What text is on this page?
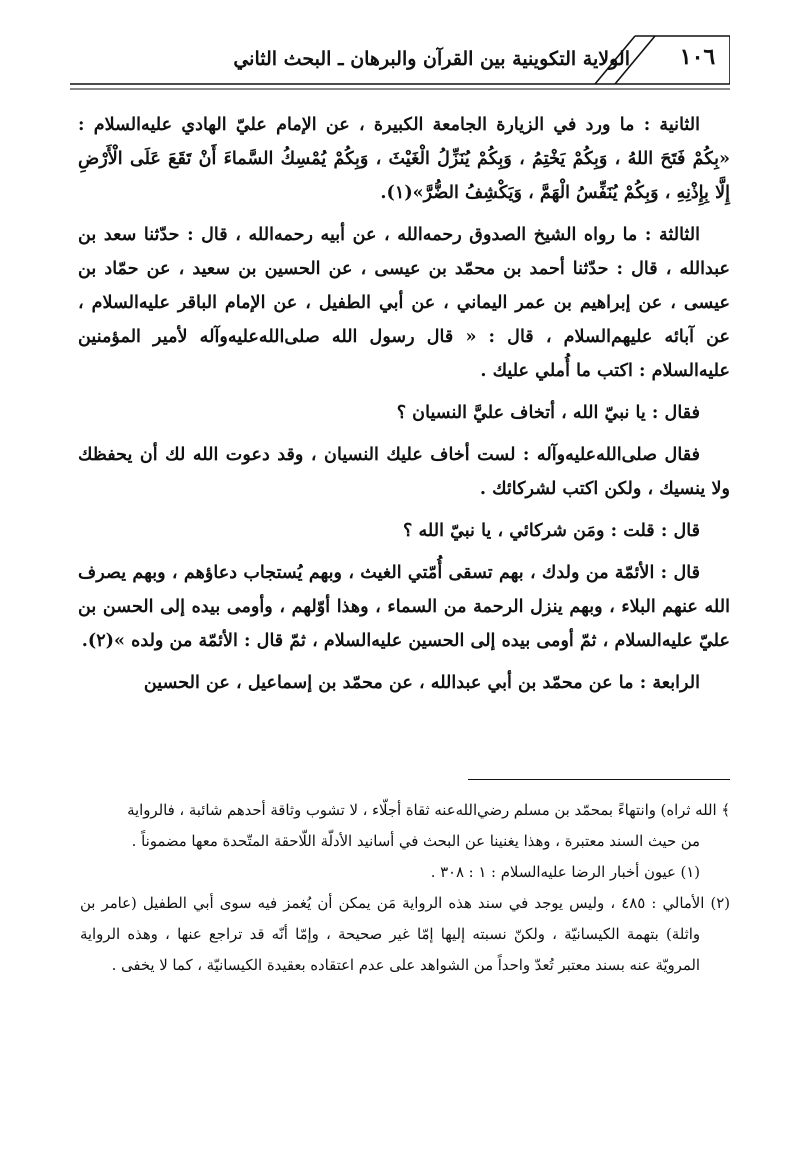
١٠٦
الولاية التكوينية بين القرآن والبرهان ـ البحث الثاني

الثانية : ما ورد في الزيارة الجامعة الكبيرة ، عن الإمام عليّ الهادي عليه‌السلام : «بِكُمْ فَتَحَ اللهُ ، وَبِكُمْ يَخْتِمُ ، وَبِكُمْ يُنَزِّلُ الْغَيْثَ ، وَبِكُمْ يُمْسِكُ السَّماءَ أَنْ تَقَعَ عَلَى الْأَرْضِ إِلَّا بِإِذْنِهِ ، وَبِكُمْ يُنَفِّسُ الْهَمَّ ، وَيَكْشِفُ الضُّرَّ»(١).

الثالثة : ما رواه الشيخ الصدوق رحمه‌الله ، عن أبيه رحمه‌الله ، قال : حدّثنا سعد بن عبدالله ، قال : حدّثنا أحمد بن محمّد بن عيسى ، عن الحسين بن سعيد ، عن حمّاد بن عيسى ، عن إبراهيم بن عمر اليماني ، عن أبي الطفيل ، عن الإمام الباقر عليه‌السلام ، عن آبائه عليهم‌السلام ، قال : « قال رسول الله صلى‌الله‌عليه‌وآله لأمير المؤمنين عليه‌السلام : اكتب ما أُملي عليك .

فقال : يا نبيّ الله ، أتخاف عليَّ النسيان ؟

فقال صلى‌الله‌عليه‌وآله : لست أخاف عليك النسيان ، وقد دعوت الله لك أن يحفظك ولا ينسيك ، ولكن اكتب لشركائك .

قال : قلت : ومَن شركائي ، يا نبيّ الله ؟

قال : الأئمّة من ولدك ، بهم تسقى أُمّتي الغيث ، وبهم يُستجاب دعاؤهم ، وبهم يصرف الله عنهم البلاء ، وبهم ينزل الرحمة من السماء ، وهذا أوّلهم ، وأومى بيده إلى الحسن بن عليّ عليه‌السلام ، ثمّ أومى بيده إلى الحسين عليه‌السلام ، ثمّ قال : الأئمّة من ولده »(٢).

الرابعة : ما عن محمّد بن أبي عبدالله ، عن محمّد بن إسماعيل ، عن الحسين

﴾ الله ثراه) وانتهاءً بمحمّد بن مسلم رضي‌الله‌عنه ثقاة أجلّاء ، لا تشوب وثاقة أحدهم شائبة ، فالرواية

من حيث السند معتبرة ، وهذا يغنينا عن البحث في أسانيد الأدلّة اللّاحقة المتّحدة معها مضموناً .

(١) عيون أخبار الرضا عليه‌السلام : ١ : ٣٠٨ .

(٢) الأمالي : ٤٨٥ ، وليس يوجد في سند هذه الرواية مَن يمكن أن يُغمز فيه سوى أبي الطفيل (عامر بن واثلة) بتهمة الكيسانيّة ، ولكنّ نسبته إليها إمّا غير صحيحة ، وإمّا أنّه قد تراجع عنها ، وهذه الرواية المرويّة عنه بسند معتبر تُعدّ واحداً من الشواهد على عدم اعتقاده بعقيدة الكيسانيّة ، كما لا يخفى .
